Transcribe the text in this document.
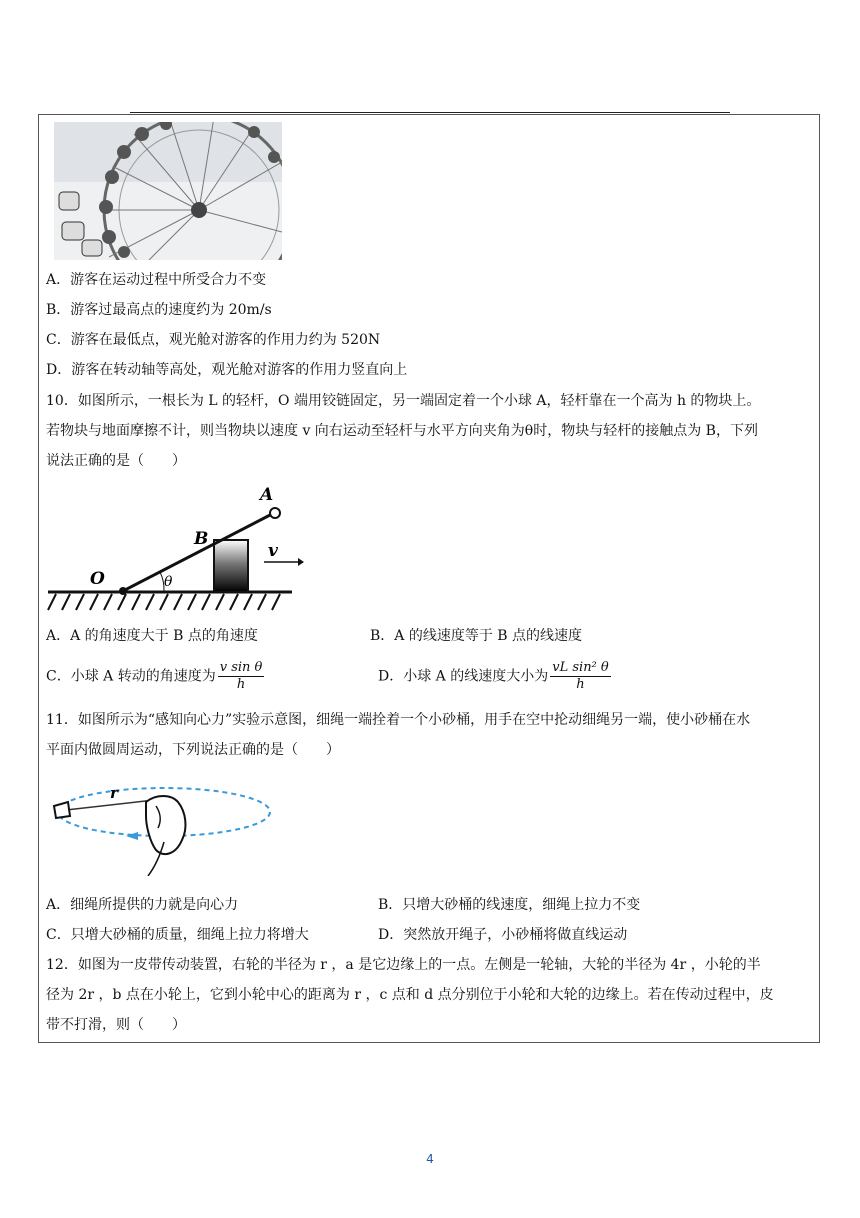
A．游客在运动过程中所受合力不变
B．游客过最高点的速度约为 20m/s
C．游客在最低点，观光舱对游客的作用力约为 520N
D．游客在转动轴等高处，观光舱对游客的作用力竖直向上
10．如图所示，一根长为 L 的轻杆，O 端用铰链固定，另一端固定着一个小球 A，轻杆靠在一个高为 h 的物块上。
若物块与地面摩擦不计，则当物块以速度 v 向右运动至轻杆与水平方向夹角为θ时，物块与轻杆的接触点为 B，下列
说法正确的是（　　）
O	θ
B
A
v
A．A 的角速度大于 B 点的角速度	B．A 的线速度等于 B 点的线速度
C．小球 A 转动的角速度为 $\frac{\text{v sin θ}}{h}$	D．小球 A 的线速度大小为 $\frac{\text{vL sin² θ}}{h}$
11．如图所示为“感知向心力”实验示意图，细绳一端拴着一个小砂桶，用手在空中抡动细绳另一端，使小砂桶在水
平面内做圆周运动，下列说法正确的是（　　）
r
A．细绳所提供的力就是向心力	B．只增大砂桶的线速度，细绳上拉力不变
C．只增大砂桶的质量，细绳上拉力将增大	D．突然放开绳子，小砂桶将做直线运动
12．如图为一皮带传动装置，右轮的半径为 r ，a 是它边缘上的一点。左侧是一轮轴，大轮的半径为 4r ，小轮的半
径为 2r ，b 点在小轮上，它到小轮中心的距离为 r ，c 点和 d 点分别位于小轮和大轮的边缘上。若在传动过程中，皮
带不打滑，则（　　）
4
